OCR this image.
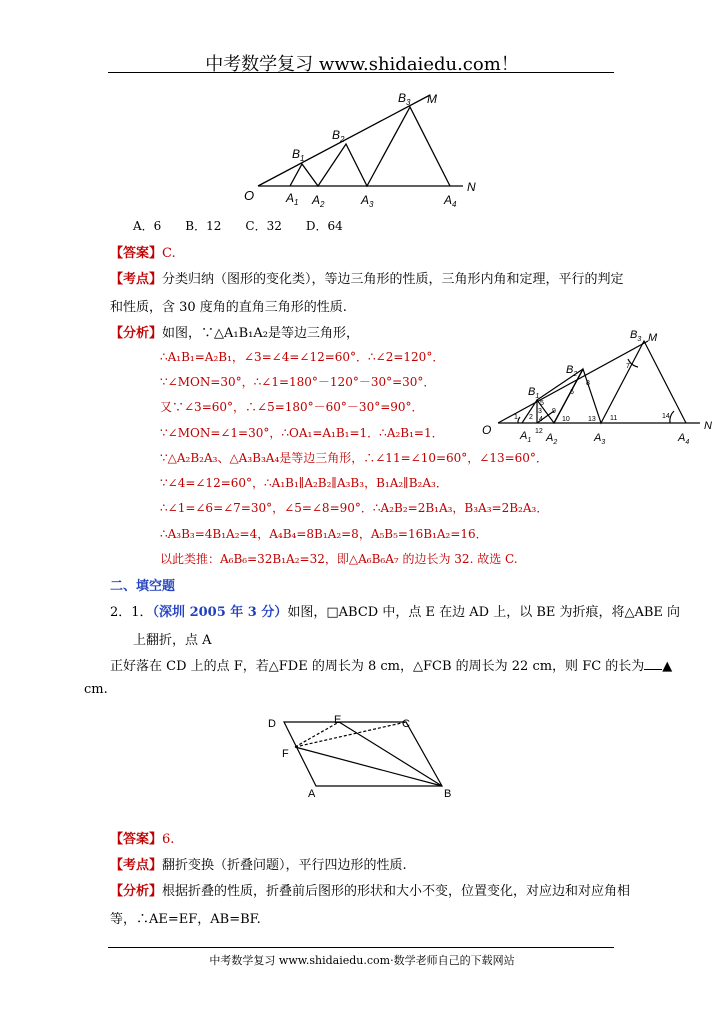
中考数学复习 www.shidaiedu.com！
O
N
M
$A_1$ $A_2$	$A_3$	$A_4$
$B_1$
$B_2$
$B_3$
A．6　　B．12　　C．32　　D．64
【答案】C.
【考点】分类归纳（图形的变化类），等边三角形的性质，三角形内角和定理，平行的判定
和性质，含 30 度角的直角三角形的性质.
【分析】如图，∵△A₁B₁A₂是等边三角形，
∴A₁B₁=A₂B₁，∠3=∠4=∠12=60°．∴∠2=120°．
∵∠MON=30°，∴∠1=180°－120°－30°=30°．
又∵∠3=60°，∴∠5=180°－60°－30°=90°．
∵∠MON=∠1=30°，∴OA₁=A₁B₁=1．∴A₂B₁=1．
∵△A₂B₂A₃、△A₃B₃A₄是等边三角形，∴∠11=∠10=60°，∠13=60°．
∵∠4=∠12=60°，∴A₁B₁∥A₂B₂∥A₃B₃，B₁A₂∥B₂A₃．
∴∠1=∠6=∠7=30°，∠5=∠8=90°．∴A₂B₂=2B₁A₃，B₃A₃=2B₂A₃．
∴A₃B₃=4B₁A₂=4，A₄B₄=8B₁A₂=8，A₅B₅=16B₁A₂=16．
以此类推：A₆B₆=32B₁A₂=32，即△A₆B₆A₇ 的边长为 32. 故选 C.
O	N
M
$A_1$ $A_2$	$A_3$	$A_4$
$B_1$
$B_2$
$B_3$
1 2
3
4
5
6
7
8
9
10	11
12
13	14
二、填空题
2．1．（深圳 2005 年 3 分）如图，□ABCD 中，点 E 在边 AD 上，以 BE 为折痕，将△ABE 向
上翻折，点 A
正好落在 CD 上的点 F，若△FDE 的周长为 8 cm，△FCB 的周长为 22 cm，则 FC 的长为 ▲
cm.
D	E	C
F
A	B
【答案】6.
【考点】翻折变换（折叠问题），平行四边形的性质.
【分析】根据折叠的性质，折叠前后图形的形状和大小不变，位置变化，对应边和对应角相
等，∴AE=EF，AB=BF.
中考数学复习 www.shidaiedu.com·数学老师自己的下载网站
